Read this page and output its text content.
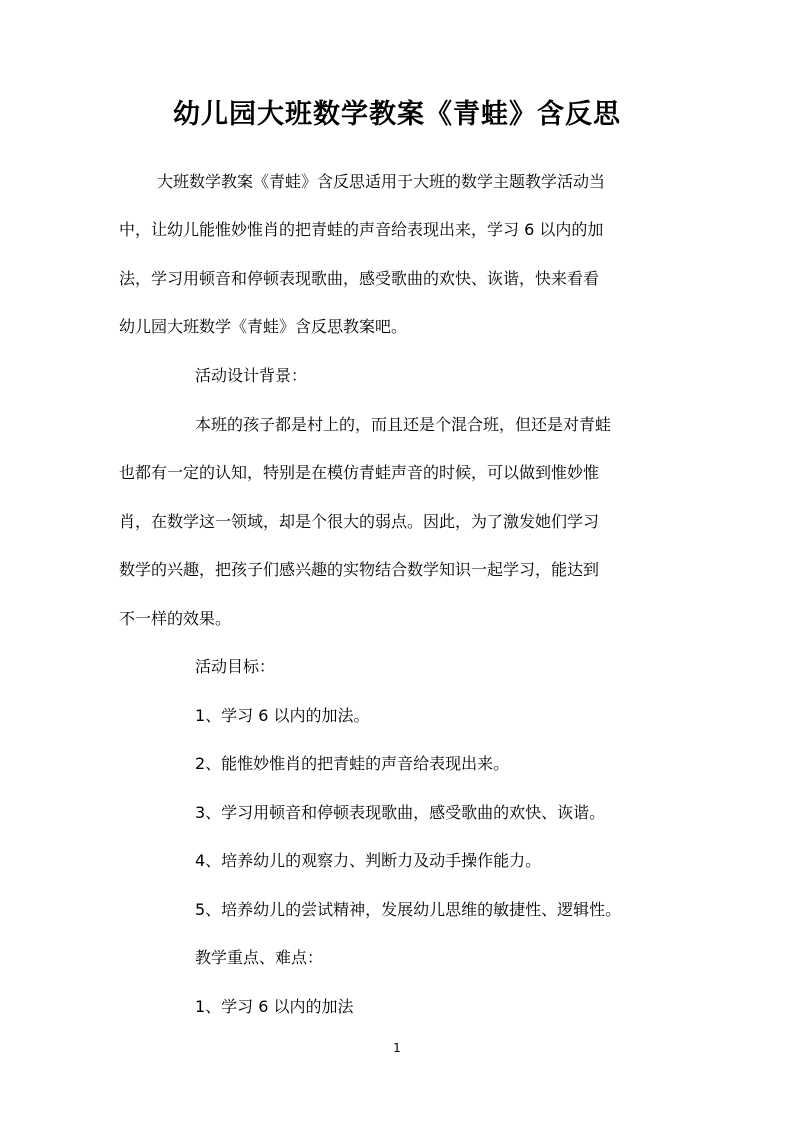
幼儿园大班数学教案《青蛙》含反思
大班数学教案《青蛙》含反思适用于大班的数学主题教学活动当
中，让幼儿能惟妙惟肖的把青蛙的声音给表现出来，学习 6 以内的加
法，学习用顿音和停顿表现歌曲，感受歌曲的欢快、诙谐，快来看看
幼儿园大班数学《青蛙》含反思教案吧。
活动设计背景：
本班的孩子都是村上的，而且还是个混合班，但还是对青蛙
也都有一定的认知，特别是在模仿青蛙声音的时候，可以做到惟妙惟
肖，在数学这一领域，却是个很大的弱点。因此，为了激发她们学习
数学的兴趣，把孩子们感兴趣的实物结合数学知识一起学习，能达到
不一样的效果。
活动目标：
1、学习 6 以内的加法。
2、能惟妙惟肖的把青蛙的声音给表现出来。
3、学习用顿音和停顿表现歌曲，感受歌曲的欢快、诙谐。
4、培养幼儿的观察力、判断力及动手操作能力。
5、培养幼儿的尝试精神，发展幼儿思维的敏捷性、逻辑性。
教学重点、难点：
1、学习 6 以内的加法
1
